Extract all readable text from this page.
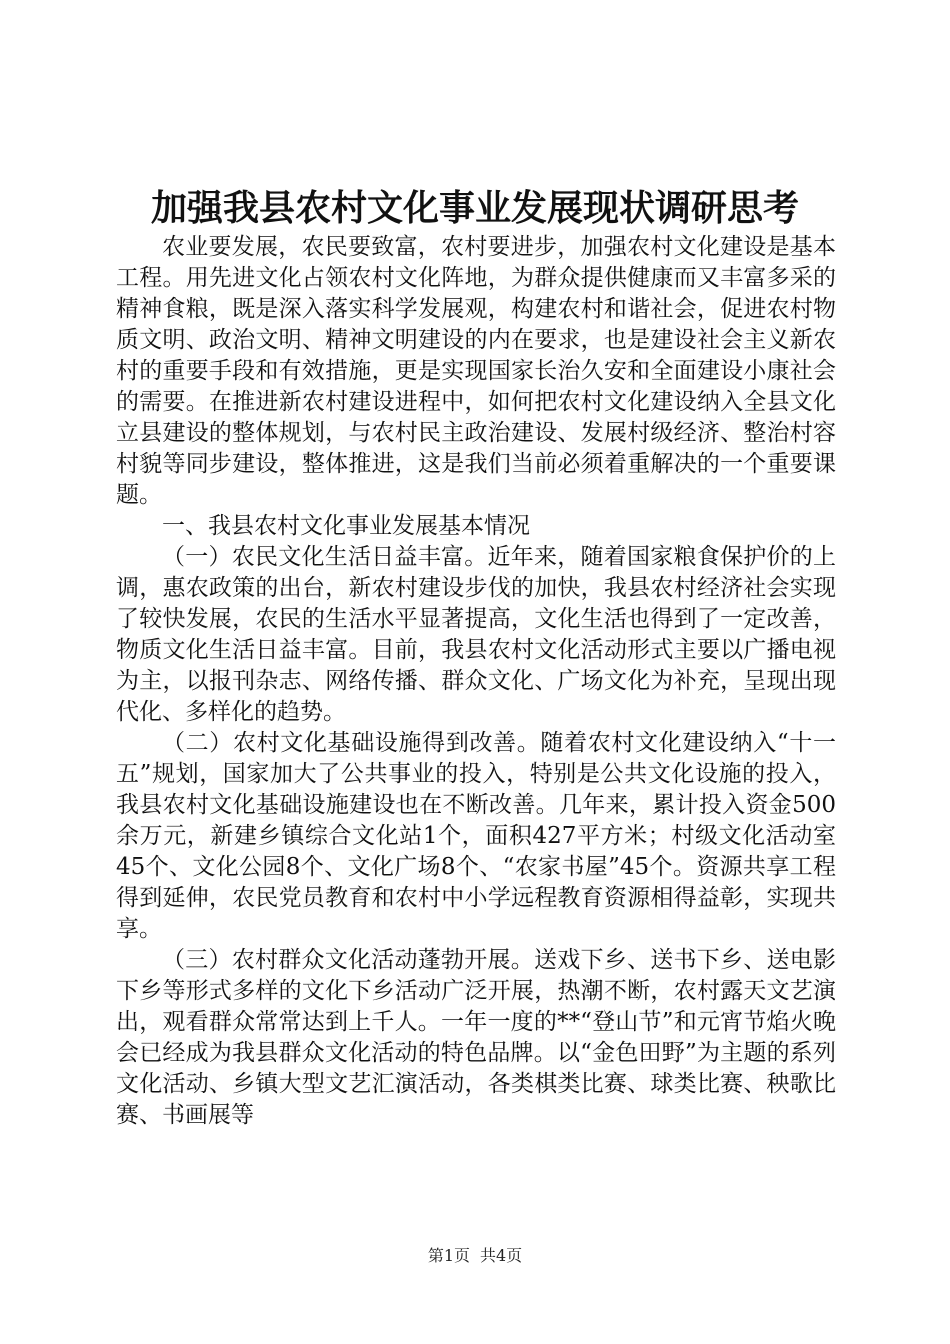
加强我县农村文化事业发展现状调研思考

农业要发展，农民要致富，农村要进步，加强农村文化建设是基本工程。用先进文化占领农村文化阵地，为群众提供健康而又丰富多采的精神食粮，既是深入落实科学发展观，构建农村和谐社会，促进农村物质文明、政治文明、精神文明建设的内在要求，也是建设社会主义新农村的重要手段和有效措施，更是实现国家长治久安和全面建设小康社会的需要。在推进新农村建设进程中，如何把农村文化建设纳入全县文化立县建设的整体规划，与农村民主政治建设、发展村级经济、整治村容村貌等同步建设，整体推进，这是我们当前必须着重解决的一个重要课题。

一、我县农村文化事业发展基本情况

（一）农民文化生活日益丰富。近年来，随着国家粮食保护价的上调，惠农政策的出台，新农村建设步伐的加快，我县农村经济社会实现了较快发展，农民的生活水平显著提高，文化生活也得到了一定改善，物质文化生活日益丰富。目前，我县农村文化活动形式主要以广播电视为主，以报刊杂志、网络传播、群众文化、广场文化为补充，呈现出现代化、多样化的趋势。

（二）农村文化基础设施得到改善。随着农村文化建设纳入“十一五”规划，国家加大了公共事业的投入，特别是公共文化设施的投入，我县农村文化基础设施建设也在不断改善。几年来，累计投入资金500余万元，新建乡镇综合文化站1个，面积427平方米；村级文化活动室45个、文化公园8个、文化广场8个、“农家书屋”45个。资源共享工程得到延伸，农民党员教育和农村中小学远程教育资源相得益彰，实现共享。

（三）农村群众文化活动蓬勃开展。送戏下乡、送书下乡、送电影下乡等形式多样的文化下乡活动广泛开展，热潮不断，农村露天文艺演出，观看群众常常达到上千人。一年一度的**“登山节”和元宵节焰火晚会已经成为我县群众文化活动的特色品牌。以“金色田野”为主题的系列文化活动、乡镇大型文艺汇演活动，各类棋类比赛、球类比赛、秧歌比赛、书画展等

第1页 共4页
